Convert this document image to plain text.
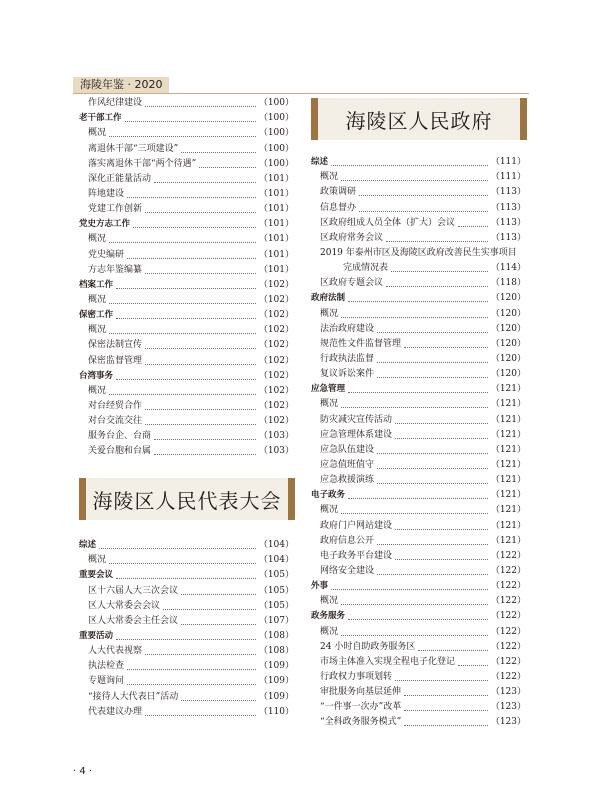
海陵年鉴 · 2020
作风纪律建设	（100）
老干部工作	（100）
概况	（100）
离退休干部“三项建设”	（100）
落实离退休干部“两个待遇”	（100）
深化正能量活动	（101）
阵地建设	（101）
党建工作创新	（101）
党史方志工作	（101）
概况	（101）
党史编研	（101）
方志年鉴编纂	（101）
档案工作	（102）
概况	（102）
保密工作	（102）
概况	（102）
保密法制宣传	（102）
保密监督管理	（102）
台湾事务	（102）
概况	（102）
对台经贸合作	（102）
对台交流交往	（102）
服务台企、台商	（103）
关爱台胞和台属	（103）
海陵区人民政府
综述	（111）
概况	（111）
政策调研	（113）
信息督办	（113）
区政府组成人员全体（扩大）会议	（113）
区政府常务会议	（113）
2019 年泰州市区及海陵区政府改善民生实事项目
完成情况表	（114）
区政府专题会议	（118）
政府法制	（120）
概况	（120）
法治政府建设	（120）
规范性文件监督管理	（120）
行政执法监督	（120）
复议诉讼案件	（120）
应急管理	（121）
概况	（121）
防灾减灾宣传活动	（121）
应急管理体系建设	（121）
应急队伍建设	（121）
应急值班值守	（121）
应急救援演练	（121）
电子政务	（121）
概况	（121）
政府门户网站建设	（121）
政府信息公开	（121）
电子政务平台建设	（122）
网络安全建设	（122）
外事	（122）
概况	（122）
政务服务	（122）
概况	（122）
24 小时自助政务服务区	（122）
市场主体准入实现全程电子化登记	（122）
行政权力事项划转	（122）
审批服务向基层延伸	（123）
“一件事一次办”改革	（123）
“全科政务服务模式”	（123）
海陵区人民代表大会
综述	（104）
概况	（104）
重要会议	（105）
区十六届人大三次会议	（105）
区人大常委会会议	（105）
区人大常委会主任会议	（107）
重要活动	（108）
人大代表视察	（108）
执法检查	（109）
专题询问	（109）
“接待人大代表日”活动	（109）
代表建议办理	（110）
· 4 ·
